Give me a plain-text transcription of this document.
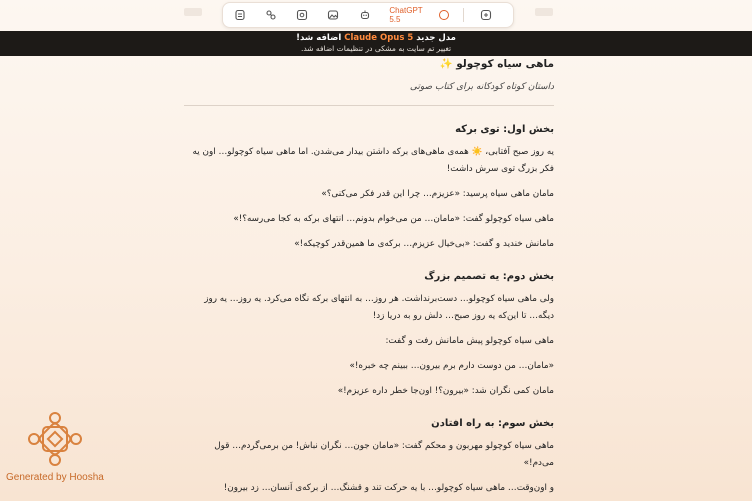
ChatGPT 5.5
مدل جدید Claude Opus 5 اضافه شد!
تغییر تم سایت به مشکی در تنظیمات اضافه شد.
ماهی سیاه کوچولو ✨
داستان کوتاه کودکانه برای کتاب صوتی
بخش اول: توی برکه

یه روز صبح آفتابی، ☀️ همه‌ی ماهی‌های برکه داشتن بیدار می‌شدن. اما ماهی سیاه کوچولو… اون یه فکر بزرگ توی سرش داشت!

مامان ماهی سیاه پرسید: «عزیزم… چرا این قدر فکر می‌کنی؟»

ماهی سیاه کوچولو گفت: «مامان… من می‌خوام بدونم… انتهای برکه به کجا می‌رسه؟!»

مامانش خندید و گفت: «بی‌خیال عزیزم… برکه‌ی ما همین‌قدر کوچیکه!»

بخش دوم: یه تصمیم بزرگ

ولی ماهی سیاه کوچولو… دست‌برنداشت. هر روز… به انتهای برکه نگاه می‌کرد. یه روز… یه روز دیگه… تا این‌که یه روز صبح… دلش رو به دریا زد!

ماهی سیاه کوچولو پیش مامانش رفت و گفت:

«مامان… من دوست دارم برم بیرون… ببینم چه خبره!»

مامان کمی نگران شد: «بیرون؟! اون‌جا خطر داره عزیزم!»

بخش سوم: به راه افتادن

ماهی سیاه کوچولو مهربون و محکم گفت: «مامان جون… نگران نباش! من برمی‌گردم… قول می‌دم!»

و اون‌وقت… ماهی سیاه کوچولو… با یه حرکت تند و قشنگ… از برکه‌ی اَنسان… زد بیرون!

Generated by Hoosha
